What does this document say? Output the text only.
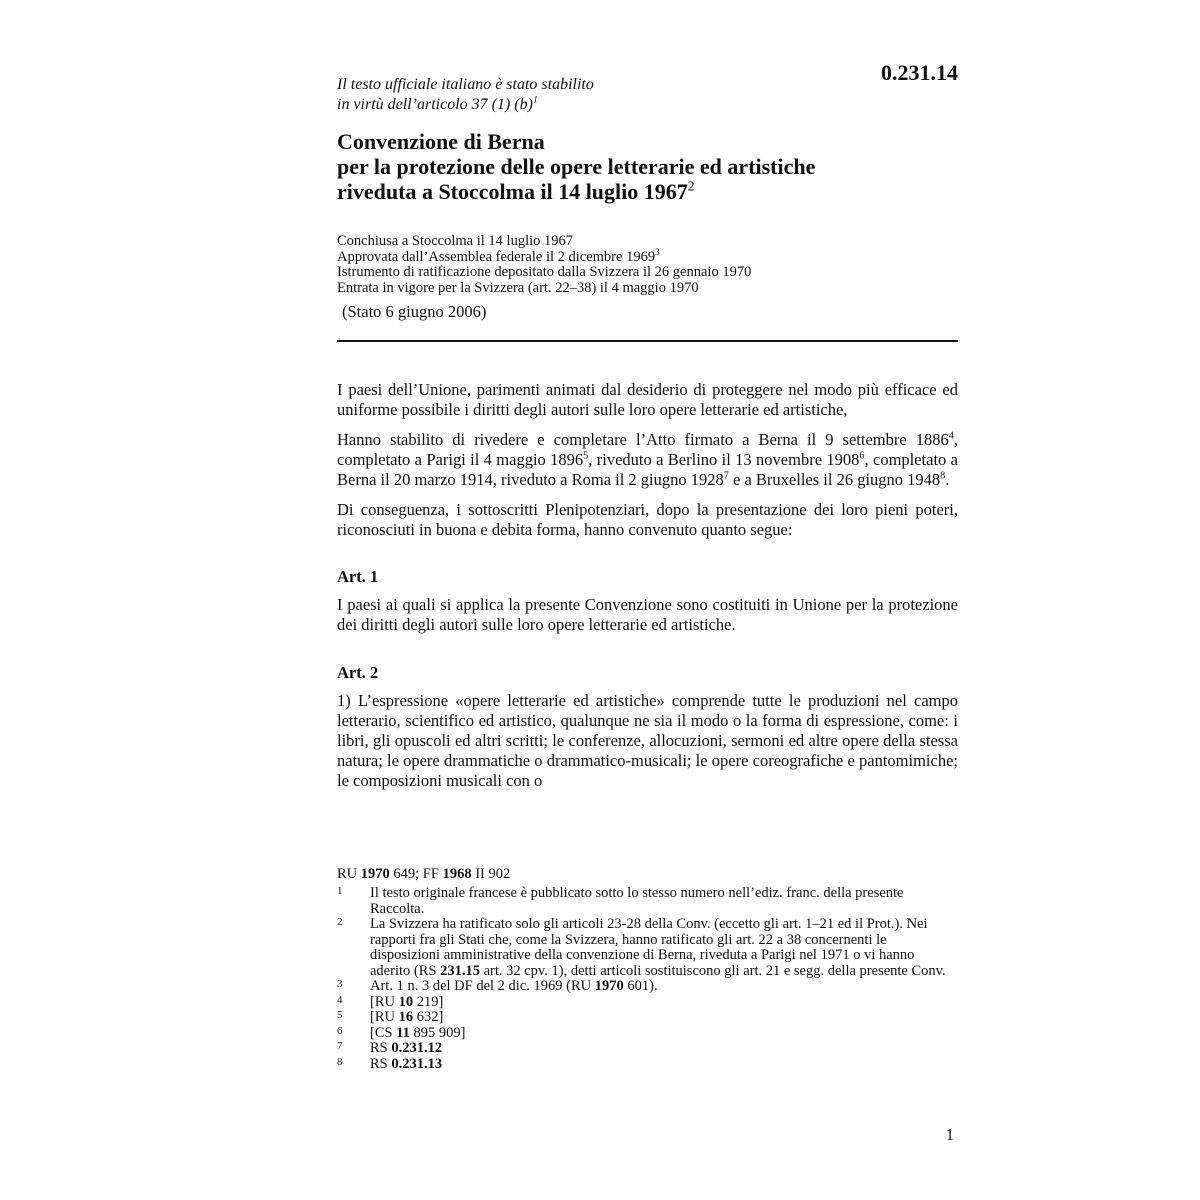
0.231.14
Il testo ufficiale italiano è stato stabilito
in virtù dell’articolo 37 (1) $(b)^1$
Convenzione di Berna
per la protezione delle opere letterarie ed artistiche
riveduta a Stoccolma il 14 luglio 1967$^2$
Conchiusa a Stoccolma il 14 luglio 1967
Approvata dall’Assemblea federale il 2 dicembre 1969$^3$
Istrumento di ratificazione depositato dalla Svizzera il 26 gennaio 1970
Entrata in vigore per la Svizzera (art. 22–38) il 4 maggio 1970
(Stato 6 giugno 2006)
I paesi dell’Unione, parimenti animati dal desiderio di proteggere nel modo più efficace ed uniforme possibile i diritti degli autori sulle loro opere letterarie ed artistiche,
Hanno stabilito di rivedere e completare l’Atto firmato a Berna il 9 settembre 1886$^4$, completato a Parigi il 4 maggio 1896$^5$, riveduto a Berlino il 13 novembre 1908$^6$, completato a Berna il 20 marzo 1914, riveduto a Roma il 2 giugno 1928$^7$ e a Bruxelles il 26 giugno 1948$^8$.
Di conseguenza, i sottoscritti Plenipotenziari, dopo la presentazione dei loro pieni poteri, riconosciuti in buona e debita forma, hanno convenuto quanto segue:
Art. 1
I paesi ai quali si applica la presente Convenzione sono costituiti in Unione per la protezione dei diritti degli autori sulle loro opere letterarie ed artistiche.
Art. 2
1) L’espressione «opere letterarie ed artistiche» comprende tutte le produzioni nel campo letterario, scientifico ed artistico, qualunque ne sia il modo o la forma di espressione, come: i libri, gli opuscoli ed altri scritti; le conferenze, allocuzioni, sermoni ed altre opere della stessa natura; le opere drammatiche o drammatico-musicali; le opere coreografiche e pantomimiche; le composizioni musicali con o
RU 1970 649; FF 1968 II 902
1 Il testo originale francese è pubblicato sotto lo stesso numero nell’ediz. franc. della presente Raccolta.
2 La Svizzera ha ratificato solo gli articoli 23-28 della Conv. (eccetto gli art. 1–21 ed il Prot.). Nei rapporti fra gli Stati che, come la Svizzera, hanno ratificato gli art. 22 a 38 concernenti le disposizioni amministrative della convenzione di Berna, riveduta a Parigi nel 1971 o vi hanno aderito (RS 231.15 art. 32 cpv. 1), detti articoli sostituiscono gli art. 21 e segg. della presente Conv.
3 Art. 1 n. 3 del DF del 2 dic. 1969 (RU 1970 601).
4 [RU 10 219]
5 [RU 16 632]
6 [CS 11 895 909]
7 RS 0.231.12
8 RS 0.231.13
1
